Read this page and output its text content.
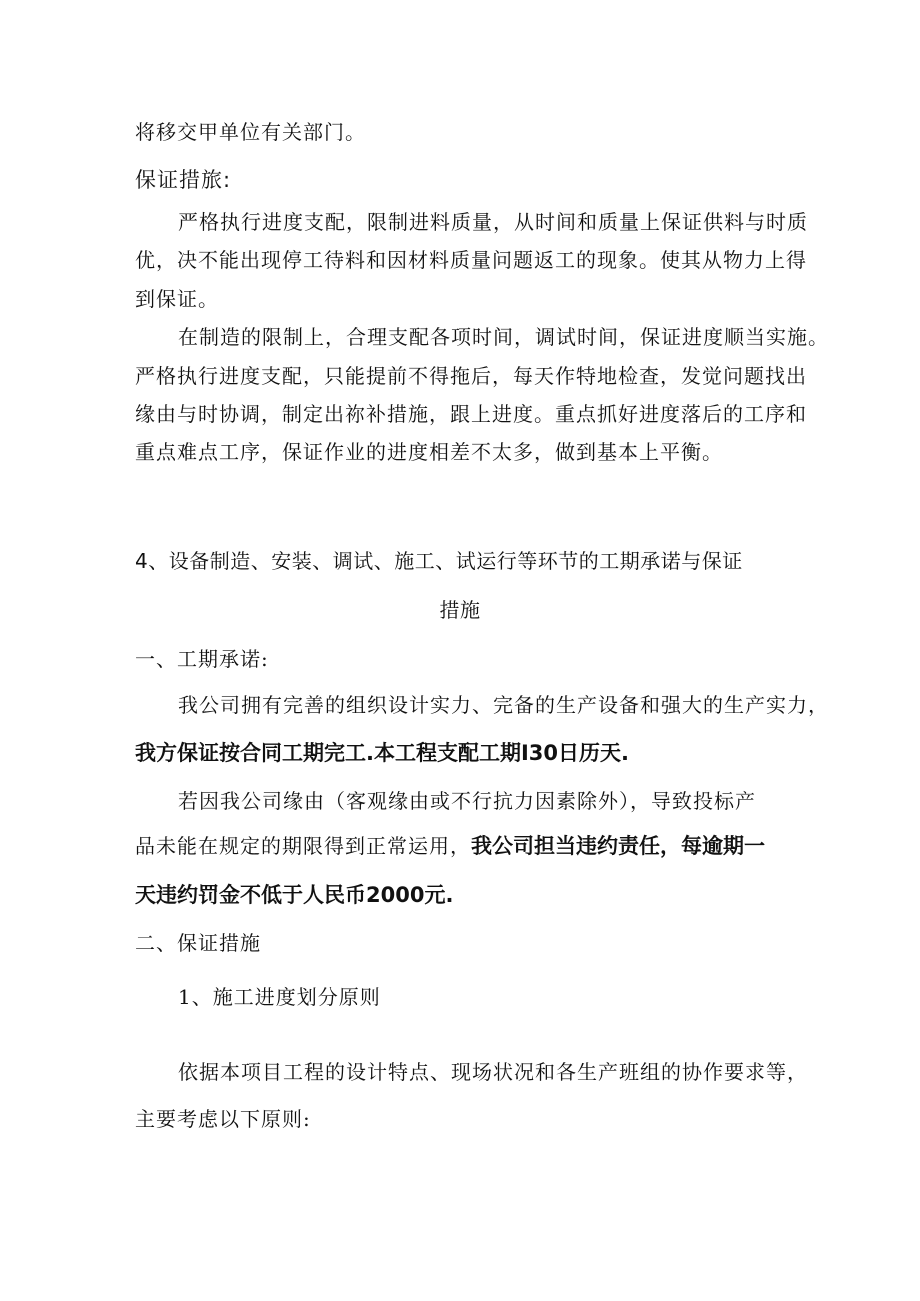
将移交甲单位有关部门。
保证措旅:
严格执行进度支配，限制进料质量，从时间和质量上保证供料与时质
优，决不能出现停工待料和因材料质量问题返工的现象。使其从物力上得
到保证。
在制造的限制上，合理支配各项时间，调试时间，保证进度顺当实施。
严格执行进度支配，只能提前不得拖后，每天作特地检查，发觉问题找出
缘由与时协调，制定出祢补措施，跟上进度。重点抓好进度落后的工序和
重点难点工序，保证作业的进度相差不太多，做到基本上平衡。
4、设备制造、安装、调试、施工、试运行等环节的工期承诺与保证
措施
一、工期承诺:
我公司拥有完善的组织设计实力、完备的生产设备和强大的生产实力，
我方保证按合同工期完工.本工程支配工期I30日历天.
若因我公司缘由（客观缘由或不行抗力因素除外），导致投标产
品未能在规定的期限得到正常运用，我公司担当违约责任，每逾期一
天违约罚金不低于人民币2000元.
二、保证措施
1、施工进度划分原则
依据本项目工程的设计特点、现场状况和各生产班组的协作要求等，
主要考虑以下原则:
